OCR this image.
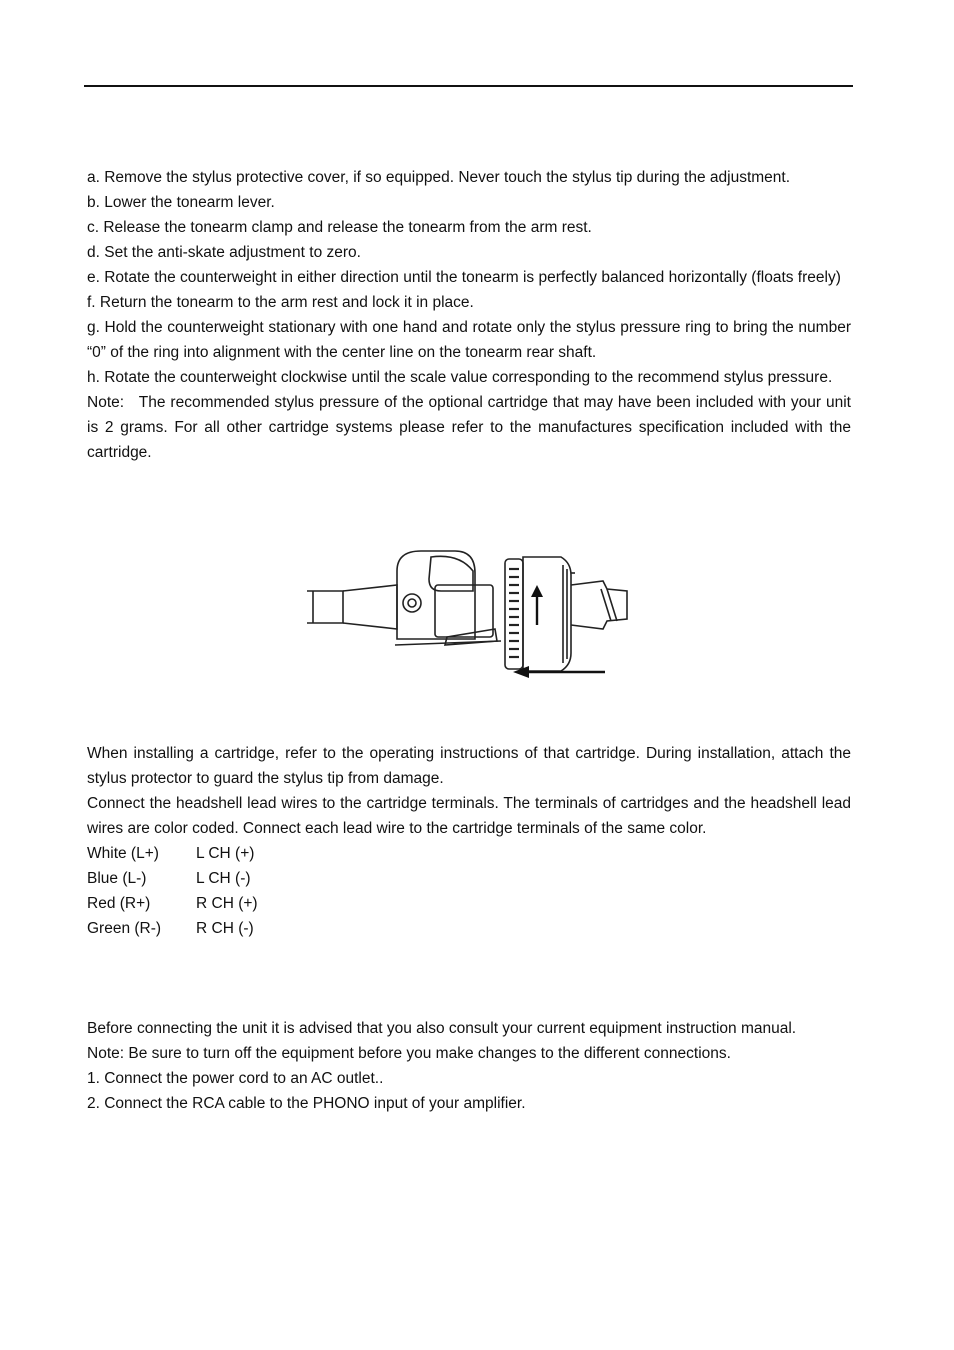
a. Remove the stylus protective cover, if so equipped. Never touch the stylus tip during the adjustment.

b. Lower the tonearm lever.

c. Release the tonearm clamp and release the tonearm from the arm rest.

d. Set the anti-skate adjustment to zero.

e. Rotate the counterweight in either direction until the tonearm is perfectly balanced horizontally (floats freely)

f. Return the tonearm to the arm rest and lock it in place.

g. Hold the counterweight stationary with one hand and rotate only the stylus pressure ring to bring the number “0” of the ring into alignment with the center line on the tonearm rear shaft.

h. Rotate the counterweight clockwise until the scale value corresponding to the recommend stylus pressure.

Note:   The recommended stylus pressure of the optional cartridge that may have been included with your unit is 2 grams. For all other cartridge systems please refer to the manufactures specification included with the cartridge.

When installing a cartridge, refer to the operating instructions of that cartridge. During installation, attach the stylus protector to guard the stylus tip from damage.

Connect the headshell lead wires to the cartridge terminals. The terminals of cartridges and the headshell lead wires are color coded. Connect each lead wire to the cartridge terminals of the same color.

White (L+)	L CH (+)
Blue (L-)	L CH (-)
Red (R+)	R CH (+)
Green (R-)	R CH (-)

Before connecting the unit it is advised that you also consult your current equipment instruction manual.

Note: Be sure to turn off the equipment before you make changes to the different connections.

1. Connect the power cord to an AC outlet..

2. Connect the RCA cable to the PHONO input of your amplifier.
